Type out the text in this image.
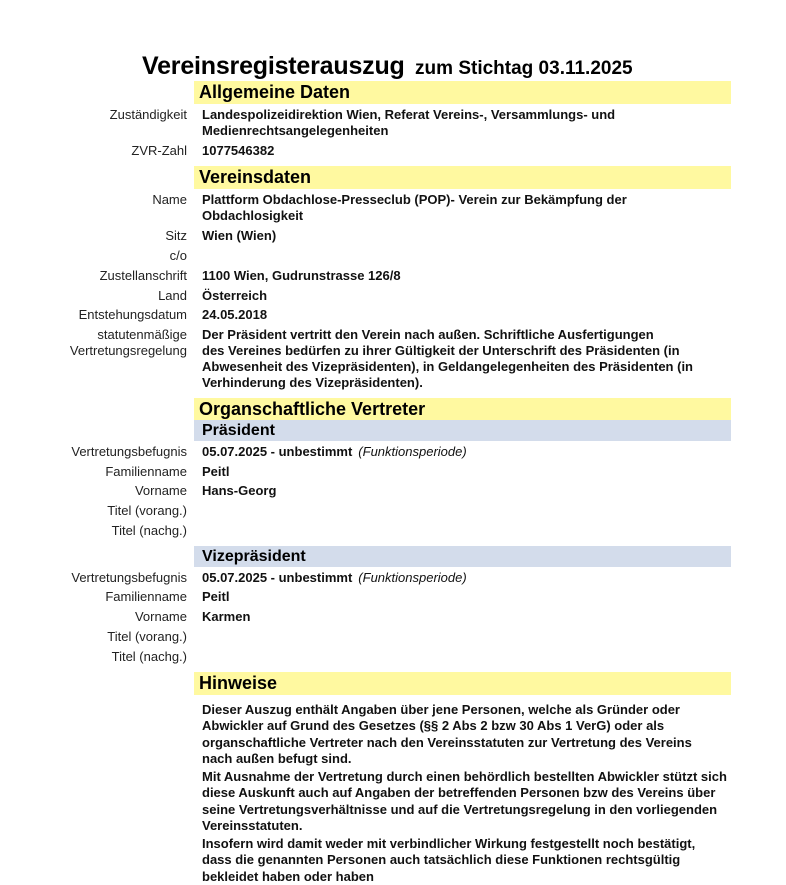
Vereinsregisterauszug zum Stichtag 03.11.2025
Allgemeine Daten
Zuständigkeit Landespolizeidirektion Wien, Referat Vereins-, Versammlungs- und Medienrechtsangelegenheiten
ZVR-Zahl 1077546382
Vereinsdaten
Name Plattform Obdachlose-Presseclub (POP)- Verein zur Bekämpfung der Obdachlosigkeit
Sitz Wien (Wien)
c/o
Zustellanschrift 1100 Wien, Gudrunstrasse 126/8
Land Österreich
Entstehungsdatum 24.05.2018
statutenmäßige
Vertretungsregelung
Der Präsident vertritt den Verein nach außen. Schriftliche Ausfertigungen
des Vereines bedürfen zu ihrer Gültigkeit der Unterschrift des Präsidenten (in Abwesenheit des Vizepräsidenten), in Geldangelegenheiten des Präsidenten (in Verhinderung des Vizepräsidenten).
Organschaftliche Vertreter
Präsident
Vertretungsbefugnis 05.07.2025 - unbestimmt (Funktionsperiode)
Familienname Peitl
Vorname Hans-Georg
Titel (vorang.)
Titel (nachg.)
Vizepräsident
Vertretungsbefugnis 05.07.2025 - unbestimmt (Funktionsperiode)
Familienname Peitl
Vorname Karmen
Titel (vorang.)
Titel (nachg.)
Hinweise
Dieser Auszug enthält Angaben über jene Personen, welche als Gründer oder Abwickler auf Grund des Gesetzes (§§ 2 Abs 2 bzw 30 Abs 1 VerG) oder als organschaftliche Vertreter nach den Vereinsstatuten zur Vertretung des Vereins nach außen befugt sind.
Mit Ausnahme der Vertretung durch einen behördlich bestellten Abwickler stützt sich diese Auskunft auch auf Angaben der betreffenden Personen bzw des Vereins über seine Vertretungsverhältnisse und auf die Vertretungsregelung in den vorliegenden Vereinsstatuten.
Insofern wird damit weder mit verbindlicher Wirkung festgestellt noch bestätigt, dass die genannten Personen auch tatsächlich diese Funktionen rechtsgültig bekleidet haben oder haben
